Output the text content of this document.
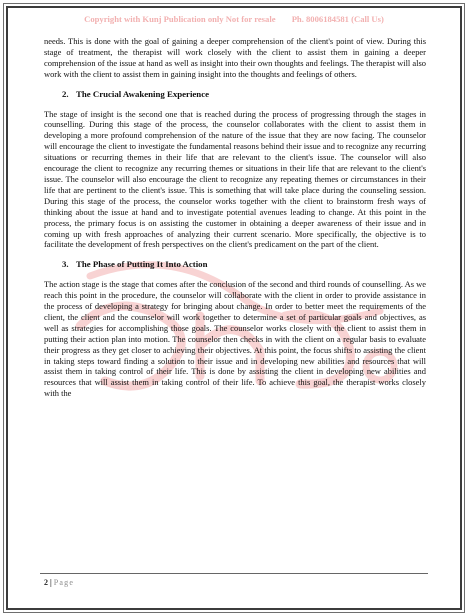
Copyright with Kunj Publication only Not for resale Ph. 8006184581 (Call Us)

needs. This is done with the goal of gaining a deeper comprehension of the client's point of view. During this stage of treatment, the therapist will work closely with the client to assist them in gaining a deeper comprehension of the issue at hand as well as insight into their own thoughts and feelings. The therapist will also work with the client to assist them in gaining insight into the thoughts and feelings of others.

2. The Crucial Awakening Experience

The stage of insight is the second one that is reached during the process of progressing through the stages in counselling. During this stage of the process, the counselor collaborates with the client to assist them in developing a more profound comprehension of the nature of the issue that they are now facing. The counselor will encourage the client to investigate the fundamental reasons behind their issue and to recognize any recurring situations or recurring themes in their life that are relevant to the client's issue. The counselor will also encourage the client to recognize any recurring themes or situations in their life that are relevant to the client's issue. The counselor will also encourage the client to recognize any repeating themes or circumstances in their life that are pertinent to the client's issue. This is something that will take place during the counseling session. During this stage of the process, the counselor works together with the client to brainstorm fresh ways of thinking about the issue at hand and to investigate potential avenues leading to change. At this point in the process, the primary focus is on assisting the customer in obtaining a deeper awareness of their issue and in coming up with fresh approaches of analyzing their current scenario. More specifically, the objective is to facilitate the development of fresh perspectives on the client's predicament on the part of the client.

3. The Phase of Putting It Into Action

The action stage is the stage that comes after the conclusion of the second and third rounds of counselling. As we reach this point in the procedure, the counselor will collaborate with the client in order to provide assistance in the process of developing a strategy for bringing about change. In order to better meet the requirements of the client, the client and the counselor will work together to determine a set of particular goals and objectives, as well as strategies for accomplishing those goals. The counselor works closely with the client to assist them in putting their action plan into motion. The counselor then checks in with the client on a regular basis to evaluate their progress as they get closer to achieving their objectives. At this point, the focus shifts to assisting the client in taking steps toward finding a solution to their issue and in developing new abilities and resources that will assist them in taking control of their life. This is done by assisting the client in developing new abilities and resources that will assist them in taking control of their life. To achieve this goal, the therapist works closely with the

2 | Page
